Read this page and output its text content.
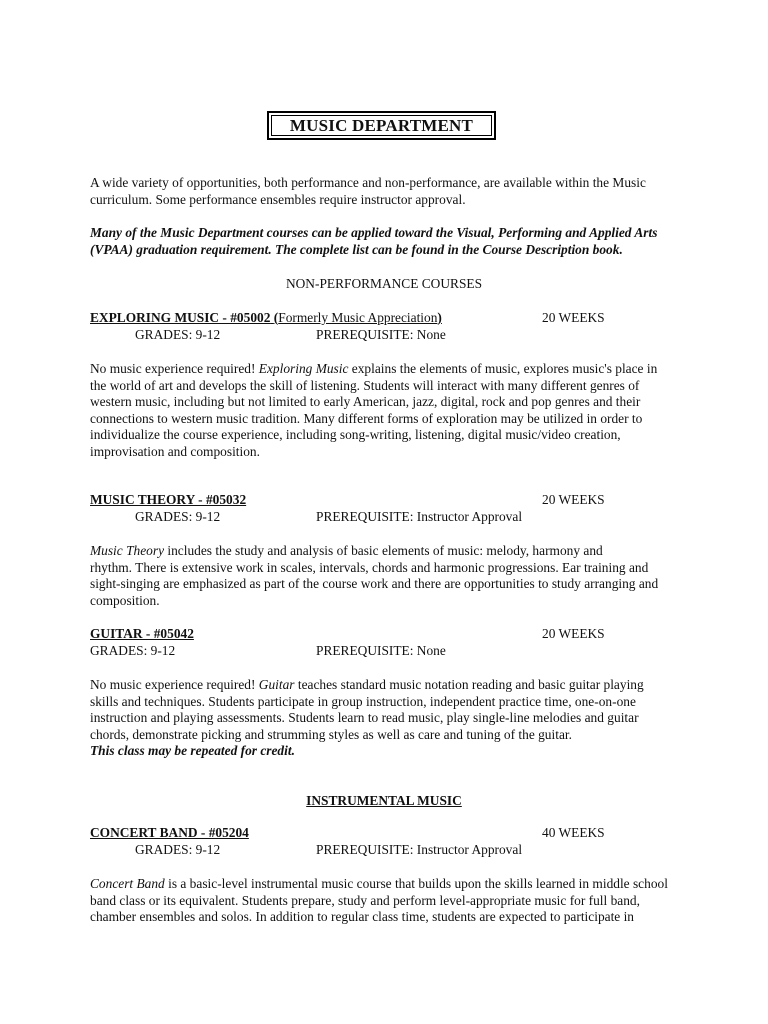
MUSIC DEPARTMENT

A wide variety of opportunities, both performance and non-performance, are available within the Music
curriculum. Some performance ensembles require instructor approval.

Many of the Music Department courses can be applied toward the Visual, Performing and Applied Arts
(VPAA) graduation requirement. The complete list can be found in the Course Description book.

NON-PERFORMANCE COURSES
EXPLORING MUSIC - #05002 (Formerly Music Appreciation)	20 WEEKS
GRADES: 9-12	PREREQUISITE: None

No music experience required! Exploring Music explains the elements of music, explores music's place in
the world of art and develops the skill of listening. Students will interact with many different genres of
western music, including but not limited to early American, jazz, digital, rock and pop genres and their
connections to western music tradition. Many different forms of exploration may be utilized in order to
individualize the course experience, including song-writing, listening, digital music/video creation,
improvisation and composition.

MUSIC THEORY - #05032	20 WEEKS
GRADES: 9-12	PREREQUISITE: Instructor Approval

Music Theory includes the study and analysis of basic elements of music: melody, harmony and
rhythm. There is extensive work in scales, intervals, chords and harmonic progressions. Ear training and
sight-singing are emphasized as part of the course work and there are opportunities to study arranging and
composition.

GUITAR - #05042	20 WEEKS
GRADES: 9-12	PREREQUISITE: None

No music experience required! Guitar teaches standard music notation reading and basic guitar playing
skills and techniques. Students participate in group instruction, independent practice time, one-on-one
instruction and playing assessments. Students learn to read music, play single-line melodies and guitar
chords, demonstrate picking and strumming styles as well as care and tuning of the guitar.
This class may be repeated for credit.

INSTRUMENTAL MUSIC
CONCERT BAND - #05204	40 WEEKS
GRADES: 9-12	PREREQUISITE: Instructor Approval

Concert Band is a basic-level instrumental music course that builds upon the skills learned in middle school
band class or its equivalent. Students prepare, study and perform level-appropriate music for full band,
chamber ensembles and solos. In addition to regular class time, students are expected to participate in
